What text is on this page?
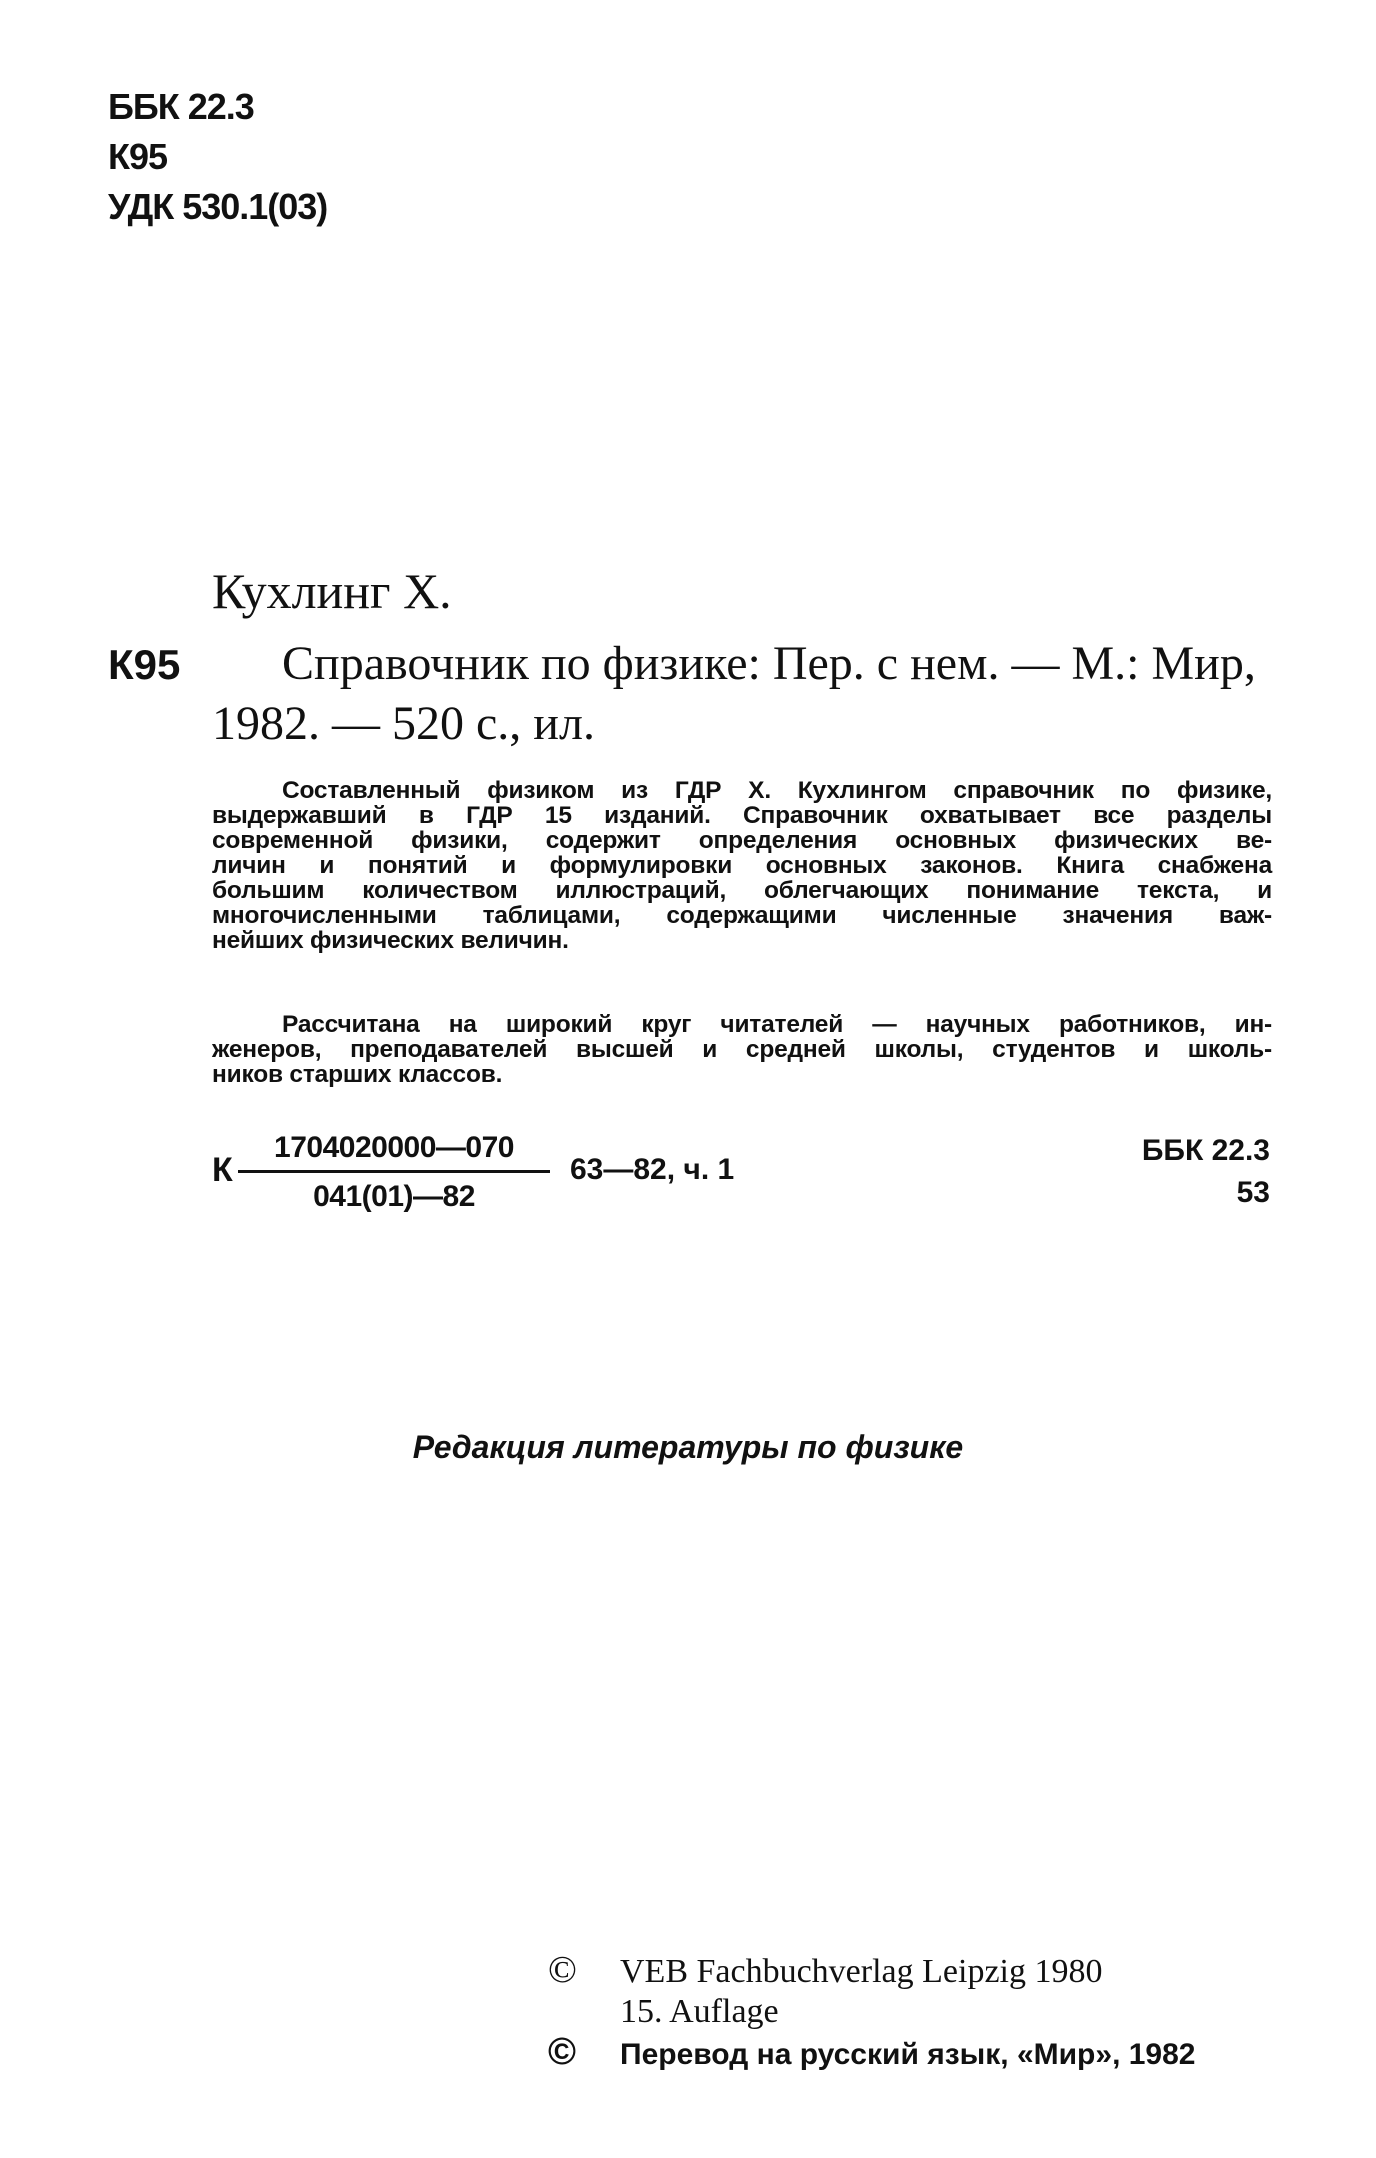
ББК 22.3
К95
УДК 530.1(03)
Кухлинг Х.
К95	Справочник по физике: Пер. с нем. — М.: Мир,
1982. — 520 с., ил.
Составленный физиком из ГДР Х. Кухлингом справочник по физике,
выдержавший в ГДР 15 изданий. Справочник охватывает все разделы
современной физики, содержит определения основных физических ве-
личин и понятий и формулировки основных законов. Книга снабжена
большим количеством иллюстраций, облегчающих понимание текста, и
многочисленными таблицами, содержащими численные значения важ-
нейших физических величин.
Рассчитана на широкий круг читателей — научных работников, ин-
женеров, преподавателей высшей и средней школы, студентов и школь-
ников старших классов.
К
1704020000—070
041(01)—82
63—82, ч. 1
ББК 22.3
53
Редакция литературы по физике
© VEB Fachbuchverlag Leipzig 1980
15. Auflage
© Перевод на русский язык, «Мир», 1982
